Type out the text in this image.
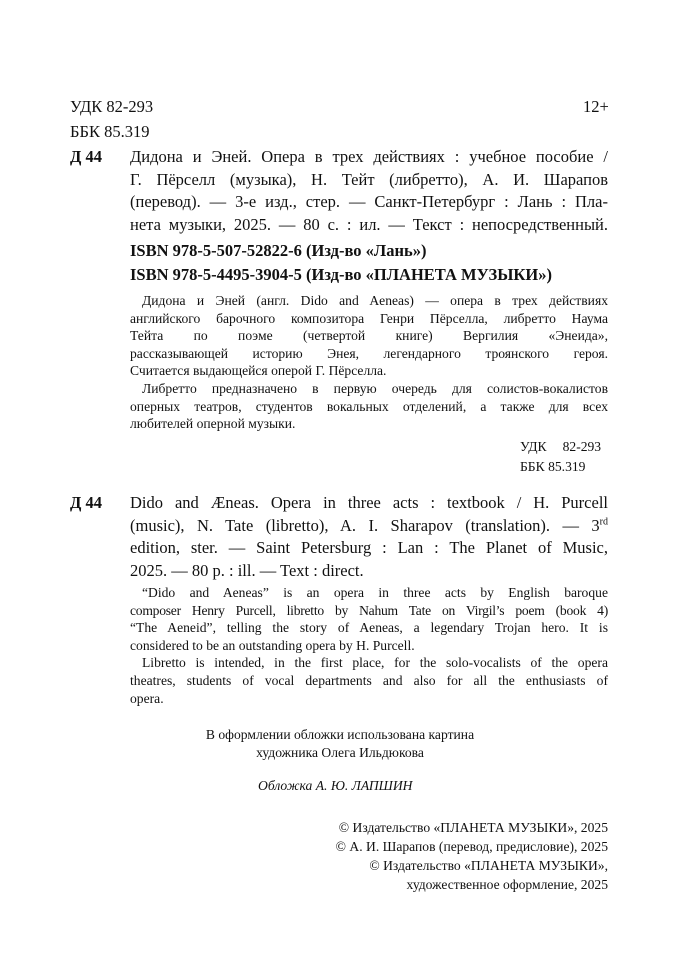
УДК 82-293	12+
ББК 85.319
Д 44 Дидона и Эней. Опера в трех действиях : учебное пособие /
Г. Пёрселл (музыка), Н. Тейт (либретто), А. И. Шарапов
(перевод). — 3-е изд., стер. — Санкт-Петербург : Лань : Пла-
нета музыки, 2025. — 80 с. : ил. — Текст : непосредственный.
ISBN 978-5-507-52822-6 (Изд-во «Лань»)
ISBN 978-5-4495-3904-5 (Изд-во «ПЛАНЕТА МУЗЫКИ»)
Дидона и Эней (англ. Dido and Aeneas) — опера в трех действиях
английского барочного композитора Генри Пёрселла, либретто Наума
Тейта по поэме (четвертой книге) Вергилия «Энеида»,
рассказывающей историю Энея, легендарного троянского героя.
Считается выдающейся оперой Г. Пёрселла.
Либретто предназначено в первую очередь для солистов-вокалистов
оперных театров, студентов вокальных отделений, а также для всех
любителей оперной музыки.
УДК 82-293
ББК 85.319
Д 44 Dido and Æneas. Opera in three acts : textbook / H. Purcell
(music), N. Tate (libretto), A. I. Sharapov (translation). — 3rd
edition, ster. — Saint Petersburg : Lan : The Planet of Music,
2025. — 80 p. : ill. — Text : direct.
“Dido and Aeneas” is an opera in three acts by English baroque
composer Henry Purcell, libretto by Nahum Tate on Virgil’s poem (book 4)
“The Aeneid”, telling the story of Aeneas, a legendary Trojan hero. It is
considered to be an outstanding opera by H. Purcell.
Libretto is intended, in the first place, for the solo-vocalists of the opera
theatres, students of vocal departments and also for all the enthusiasts of
opera.
В оформлении обложки использована картина
художника Олега Ильдюкова
Обложка А. Ю. ЛАПШИН
© Издательство «ПЛАНЕТА МУЗЫКИ», 2025
© А. И. Шарапов (перевод, предисловие), 2025
© Издательство «ПЛАНЕТА МУЗЫКИ»,
художественное оформление, 2025
